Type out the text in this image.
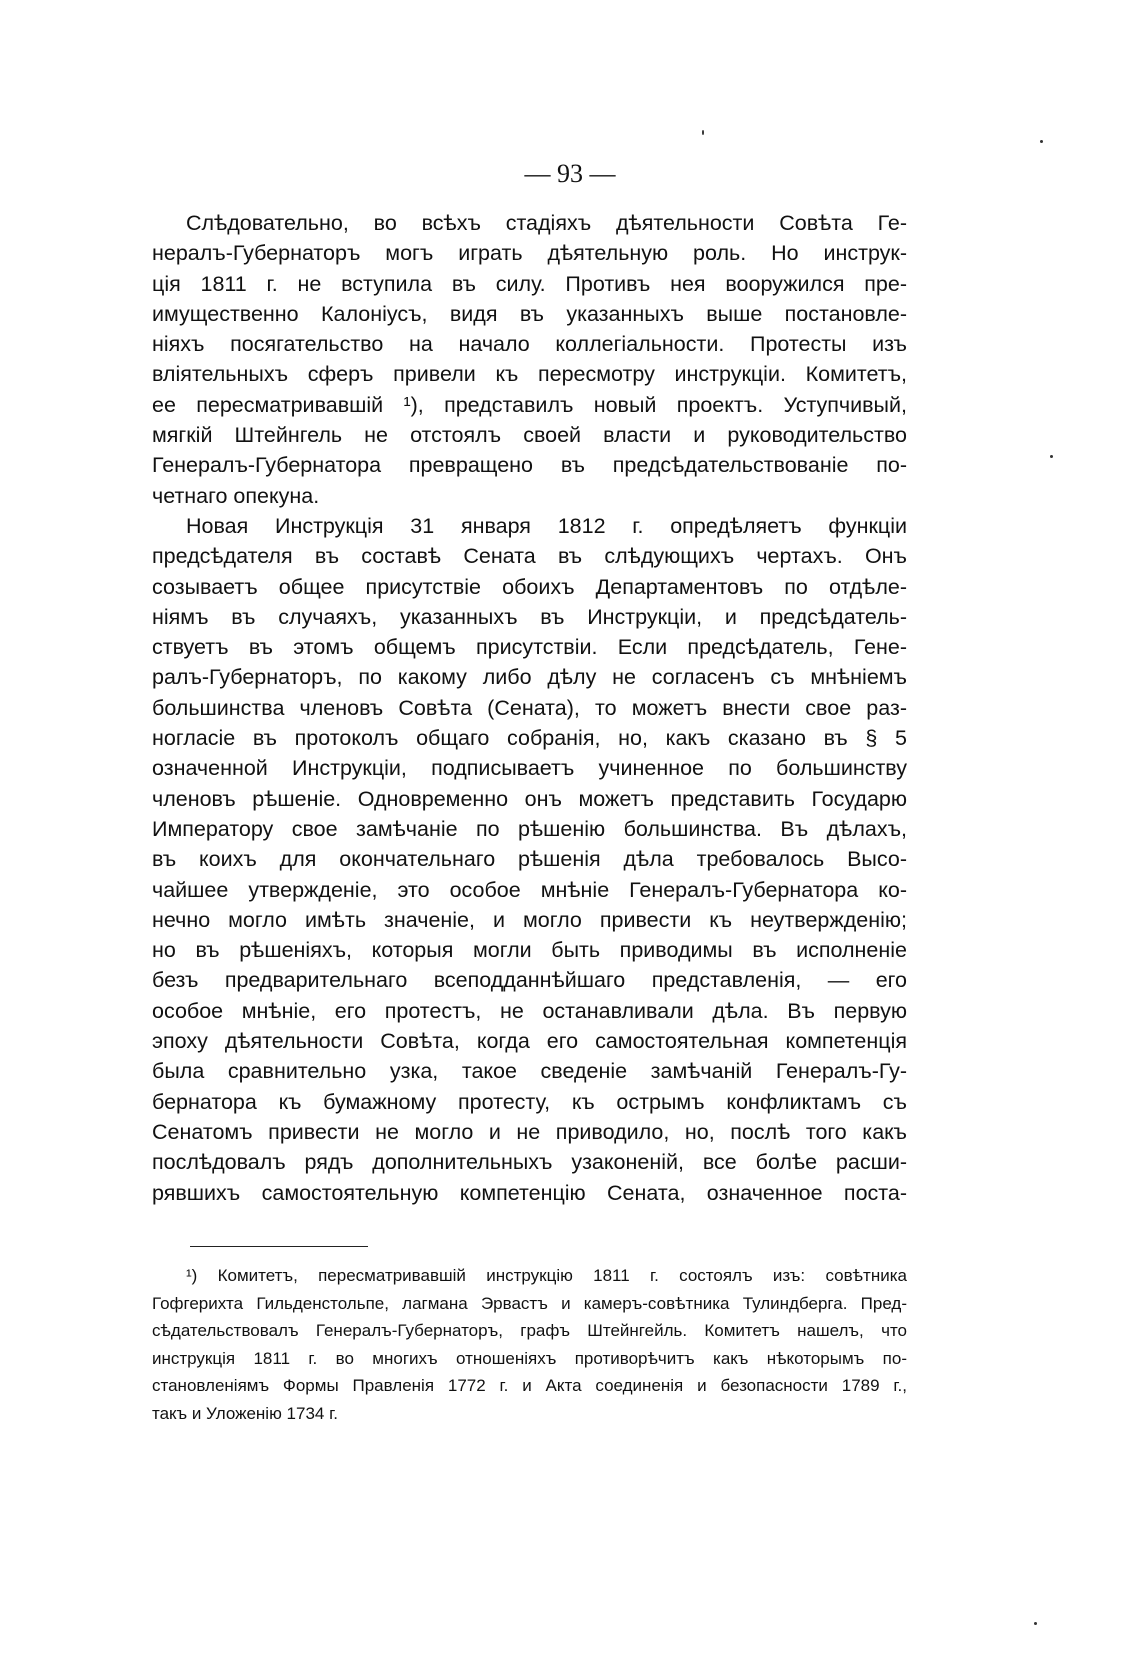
— 93 —
Слѣдовательно, во всѣхъ стадіяхъ дѣятельности Совѣта Ге-
нералъ-Губернаторъ могъ играть дѣятельную роль. Но инструк-
ція 1811 г. не вступила въ силу. Противъ нея вооружился пре-
имущественно Калоніусъ, видя въ указанныхъ выше постановле-
ніяхъ посягательство на начало коллегіальности. Протесты изъ
вліятельныхъ сферъ привели къ пересмотру инструкціи. Комитетъ,
ее пересматривавшій ¹), представилъ новый проектъ. Уступчивый,
мягкій Штейнгель не отстоялъ своей власти и руководительство
Генералъ-Губернатора превращено въ предсѣдательствованіе по-
четнаго опекуна.
Новая Инструкція 31 января 1812 г. опредѣляетъ функціи
предсѣдателя въ составѣ Сената въ слѣдующихъ чертахъ. Онъ
созываетъ общее присутствіе обоихъ Департаментовъ по отдѣле-
ніямъ въ случаяхъ, указанныхъ въ Инструкціи, и предсѣдатель-
ствуетъ въ этомъ общемъ присутствіи. Если предсѣдатель, Гене-
ралъ-Губернаторъ, по какому либо дѣлу не согласенъ съ мнѣніемъ
большинства членовъ Совѣта (Сената), то можетъ внести свое раз-
ногласіе въ протоколъ общаго собранія, но, какъ сказано въ § 5
означенной Инструкціи, подписываетъ учиненное по большинству
членовъ рѣшеніе. Одновременно онъ можетъ представить Государю
Императору свое замѣчаніе по рѣшенію большинства. Въ дѣлахъ,
въ коихъ для окончательнаго рѣшенія дѣла требовалось Высо-
чайшее утвержденіе, это особое мнѣніе Генералъ-Губернатора ко-
нечно могло имѣть значеніе, и могло привести къ неутвержденію;
но въ рѣшеніяхъ, которыя могли быть приводимы въ исполненіе
безъ предварительнаго всеподданнѣйшаго представленія, — его
особое мнѣніе, его протестъ, не останавливали дѣла. Въ первую
эпоху дѣятельности Совѣта, когда его самостоятельная компетенція
была сравнительно узка, такое сведеніе замѣчаній Генералъ-Гу-
бернатора къ бумажному протесту, къ острымъ конфликтамъ съ
Сенатомъ привести не могло и не приводило, но, послѣ того какъ
послѣдовалъ рядъ дополнительныхъ узаконеній, все болѣе расши-
рявшихъ самостоятельную компетенцію Сената, означенное поста-
¹) Комитетъ, пересматривавшій инструкцію 1811 г. состоялъ изъ: совѣтника
Гофгерихта Гильденстольпе, лагмана Эрвастъ и камеръ-совѣтника Тулиндберга. Пред-
сѣдательствовалъ Генералъ-Губернаторъ, графъ Штейнгейль. Комитетъ нашелъ, что
инструкція 1811 г. во многихъ отношеніяхъ противорѣчитъ какъ нѣкоторымъ по-
становленіямъ Формы Правленія 1772 г. и Акта соединенія и безопасности 1789 г.,
такъ и Уложенію 1734 г.
